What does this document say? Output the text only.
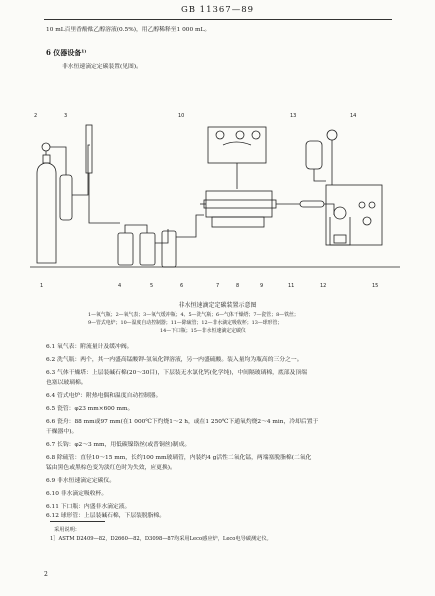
GB 11367—89
10 mL百里香酚酞乙醇溶液(0.5%)，用乙醇稀释至1 000 mL。
6 仪器设备¹⁾
非水恒速滴定定碳装置(见图)。
2	3	10	13	14
1	4	5	6	7	8	9	11	12	15
非水恒速滴定定碳装置示意图
1—氧气瓶；2—氧气表；3—氧气缓冲瓶；4、5—洗气瓶；6—气体干燥塔；7—瓷管；8—铁丝；
9—管式电炉；10—温度自动控制器；11—除硫管；12—非水滴定吸收杯；13—球形管；
14—下口瓶；15—非水恒速滴定定碳仪
6.1 氧气表：附流量计及缓冲阀。
6.2 洗气瓶：两个，其一内盛高锰酸钾-氢氧化钾溶液，另一内盛硫酸。装入量均为瓶高的三分之一。
6.3 气体干燥塔：上层装碱石棉(20～30目)，下层装无水氯化钙(化学纯)，中间隔玻璃棉，底部及顶端
也塞以玻璃棉。
6.4 管式电炉：附热电偶和温度自动控制器。
6.5 瓷管：φ23 mm×600 mm。
6.6 瓷舟：88 mm或97 mm(在1 000℃下灼烧1～2 h，或在1 250℃下通氧灼烧2～4 min，冷却后置于
干燥器中)。
6.7 长钩：φ2～3 mm，用低碳镍铬丝(或普铜丝)制成。
6.8 除硫管：直径10～15 mm，长约100 mm玻璃管，内装约4 g活性二氧化锰，两端塞脱脂棉(二氧化
锰由黑色或黑棕色变为淡红色时为失效，应更换)。
6.9 非水恒速滴定定碳仪。
6.10 非水滴定吸收杯。
6.11 下口瓶：内盛非水滴定液。
6.12 球形管：上层装碱石棉，下层装脱脂棉。
采用说明：
1］ASTM D2409—82，D2660—82，D3098—87均采用Leco感应炉，Leco电导碳测定仪。
2
